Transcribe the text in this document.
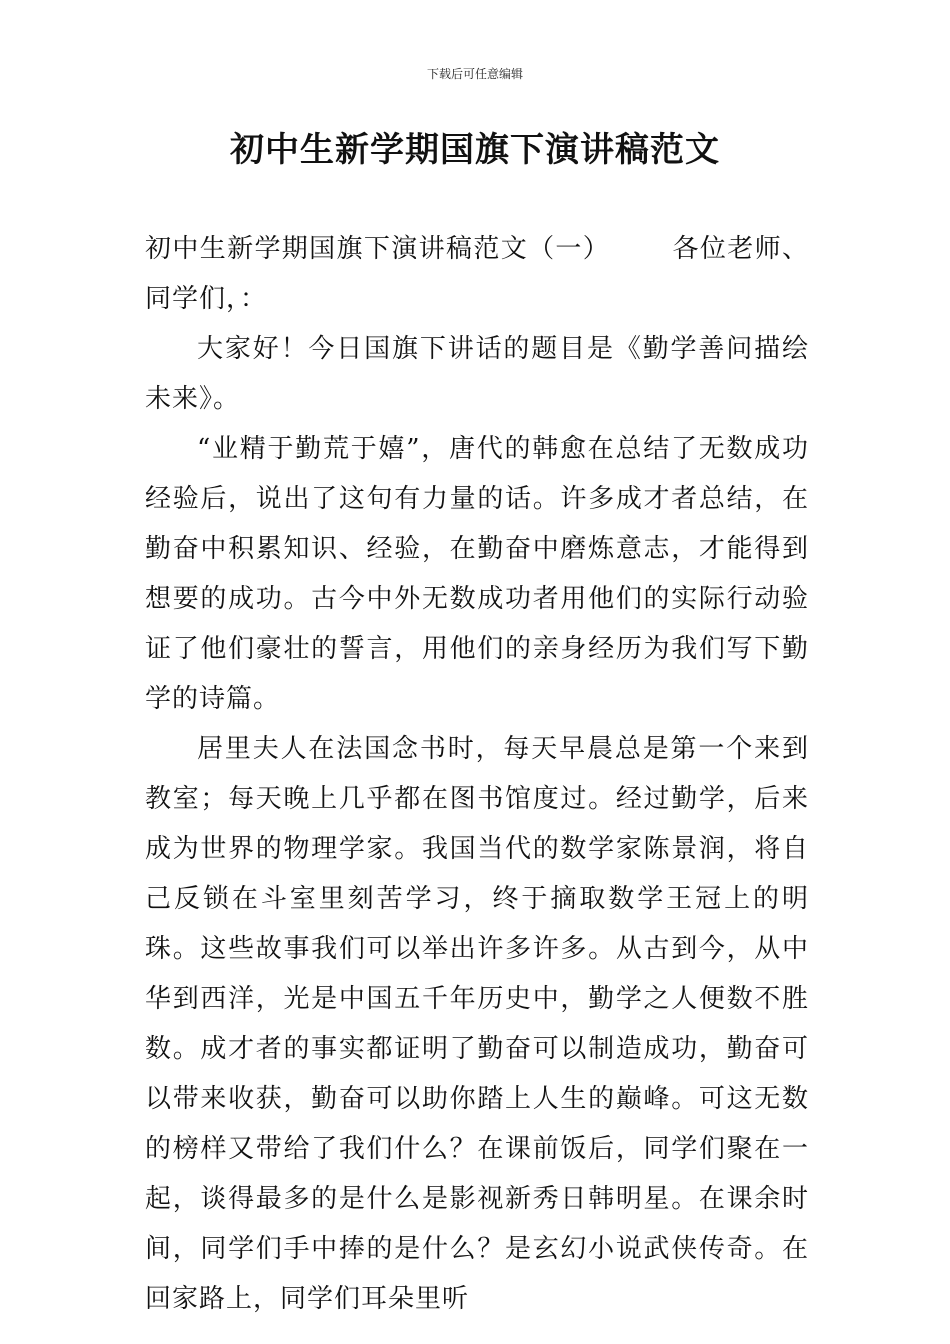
下载后可任意编辑
初中生新学期国旗下演讲稿范文

初中生新学期国旗下演讲稿范文（一） 各位老师、同学们，：

大家好！今日国旗下讲话的题目是《勤学善问描绘未来》。

“业精于勤荒于嬉”，唐代的韩愈在总结了无数成功经验后，说出了这句有力量的话。许多成才者总结，在勤奋中积累知识、经验，在勤奋中磨炼意志，才能得到想要的成功。古今中外无数成功者用他们的实际行动验证了他们豪壮的誓言，用他们的亲身经历为我们写下勤学的诗篇。

居里夫人在法国念书时，每天早晨总是第一个来到教室；每天晚上几乎都在图书馆度过。经过勤学，后来成为世界的物理学家。我国当代的数学家陈景润，将自己反锁在斗室里刻苦学习，终于摘取数学王冠上的明珠。这些故事我们可以举出许多许多。从古到今，从中华到西洋，光是中国五千年历史中，勤学之人便数不胜数。成才者的事实都证明了勤奋可以制造成功，勤奋可以带来收获，勤奋可以助你踏上人生的巅峰。可这无数的榜样又带给了我们什么？在课前饭后，同学们聚在一起，谈得最多的是什么是影视新秀日韩明星。在课余时间，同学们手中捧的是什么？是玄幻小说武侠传奇。在回家路上，同学们耳朵里听
